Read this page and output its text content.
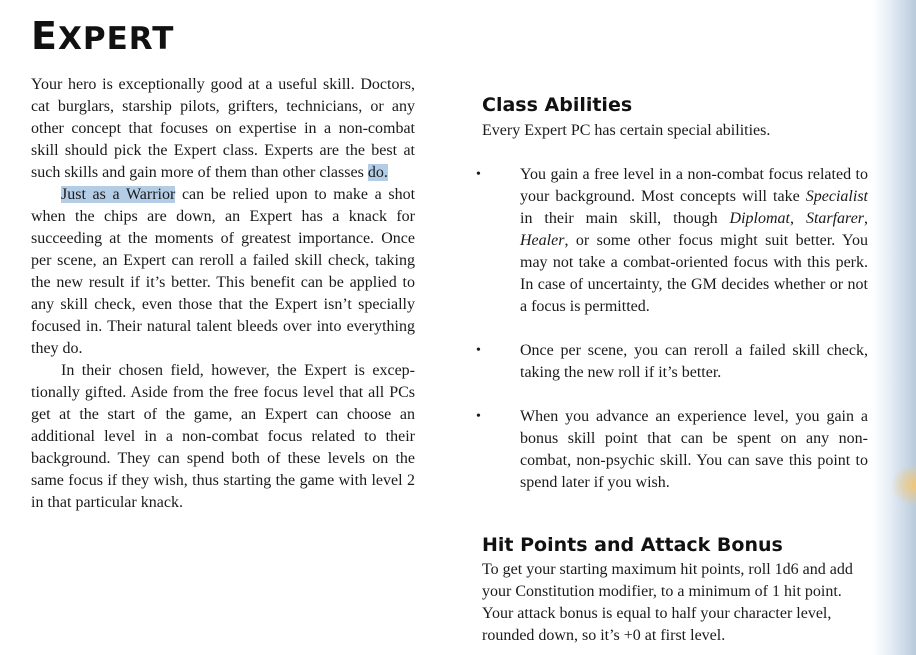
EXPERT

Your hero is exceptionally good at a useful skill. Doctors, cat burglars, starship pilots, grifters, technicians, or any other concept that focuses on expertise in a non-combat skill should pick the Expert class. Experts are the best at such skills and gain more of them than other classes do.

Just as a Warrior can be relied upon to make a shot when the chips are down, an Expert has a knack for succeeding at the moments of greatest importance. Once per scene, an Expert can reroll a failed skill check, taking the new result if it’s better. This benefit can be applied to any skill check, even those that the Expert isn’t specially focused in. Their natural talent bleeds over into everything they do.

In their chosen field, however, the Expert is exceptionally gifted. Aside from the free focus level that all PCs get at the start of the game, an Expert can choose an additional level in a non-combat focus related to their background. They can spend both of these levels on the same focus if they wish, thus starting the game with level 2 in that particular knack.

Class Abilities

Every Expert PC has certain special abilities.

•	You gain a free level in a non-combat focus related to your background. Most concepts will take Specialist in their main skill, though Diplomat, Starfarer, Healer, or some other focus might suit better. You may not take a combat-oriented focus with this perk. In case of uncertainty, the GM decides whether or not a focus is permitted.

•	Once per scene, you can reroll a failed skill check, taking the new roll if it’s better.

•	When you advance an experience level, you gain a bonus skill point that can be spent on any non-combat, non-psychic skill. You can save this point to spend later if you wish.

Hit Points and Attack Bonus

To get your starting maximum hit points, roll 1d6 and add your Constitution modifier, to a minimum of 1 hit point. Your attack bonus is equal to half your character level, rounded down, so it’s +0 at first level.
